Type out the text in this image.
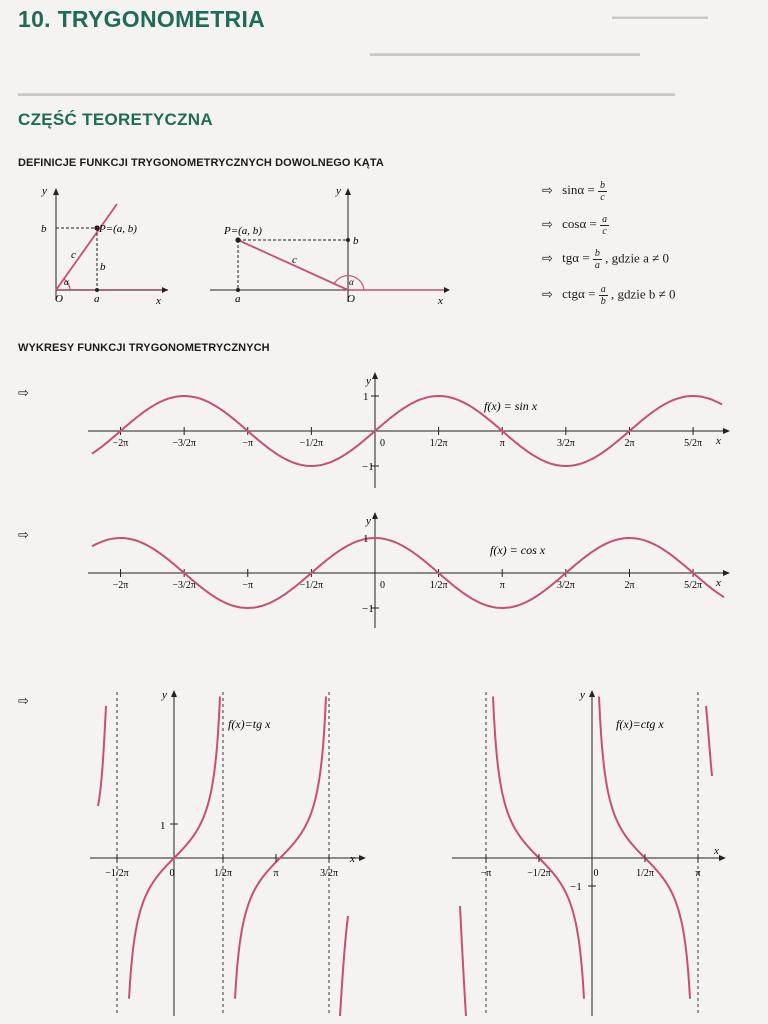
▬▬▬▬▬▬▬▬▬▬▬▬
▬▬▬▬▬▬▬▬▬▬▬▬▬▬▬▬▬▬▬▬▬▬▬▬▬▬▬▬▬▬
▬▬▬▬▬▬▬▬▬▬▬▬▬▬▬▬▬▬▬▬▬▬▬▬▬▬▬▬▬▬▬▬▬▬▬▬▬▬▬▬▬▬▬▬▬▬▬▬▬▬▬▬▬▬▬▬▬▬▬▬▬▬▬▬▬▬▬▬▬▬▬▬▬
10. TRYGONOMETRIA
CZĘŚĆ TEORETYCZNA
DEFINICJE FUNKCJI TRYGONOMETRYCZNYCH DOWOLNEGO KĄTA
y
x
b
c
P=(a, b)
O	a
α
b
y
x
b
c
P=(a, b)
O
a
α
⇨ $\sin\alpha = \frac{b}{c}$
⇨ $\cos\alpha = \frac{a}{c}$
⇨ $tg\alpha = \frac{b}{a}$ , gdzie a ≠ 0
⇨ $ctg\alpha = \frac{a}{b}$ , gdzie b ≠ 0
WYKRESY FUNKCJI TRYGONOMETRYCZNYCH
⇨
⇨
⇨
−2π	−3/2π	−π	−1/2π	0	1/2π	π	3/2π	2π	5/2π x
y
1
−1
f(x) = sin x
−2π	−3/2π	−π	−1/2π	0	1/2π	π	3/2π	2π	5/2π x
y
1
−1
f(x) = cos x
−1/2π	0	1/2π	π	3/2π
x
y
1
f(x)=tg x
−π	−1/2π	0	1/2π	π
x
y
−1
f(x)=ctg x
